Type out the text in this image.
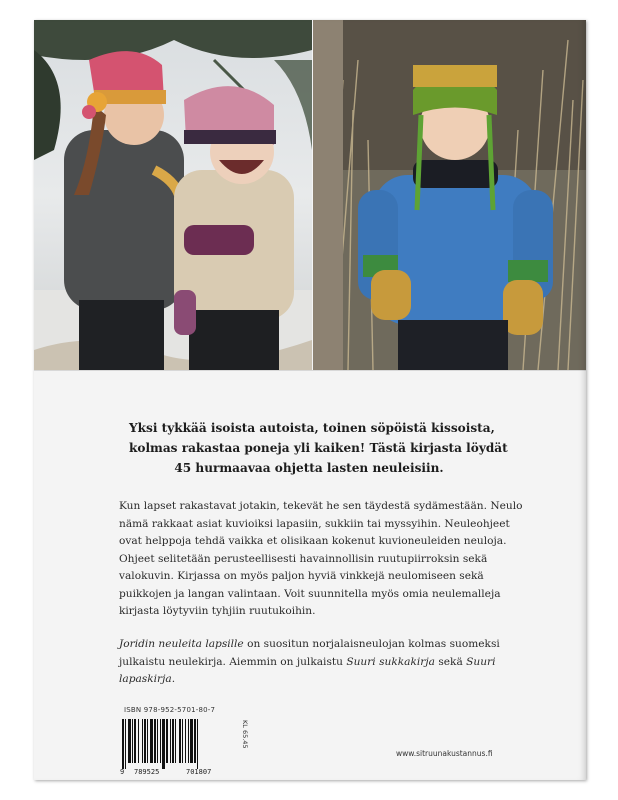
Yksi tykkää isoista autoista, toinen söpöistä kissoista,
kolmas rakastaa poneja yli kaiken! Tästä kirjasta löydät
45 hurmaavaa ohjetta lasten neuleisiin.
Kun lapset rakastavat jotakin, tekevät he sen täydestä sydämestään. Neulo
nämä rakkaat asiat kuvioiksi lapasiin, sukkiin tai myssyihin. Neuleohjeet
ovat helppoja tehdä vaikka et olisikaan kokenut kuvioneuleiden neuloja.
Ohjeet selitetään perusteellisesti havainnollisin ruutupiirroksin sekä
valokuvin. Kirjassa on myös paljon hyviä vinkkejä neulomiseen sekä
puikkojen ja langan valintaan. Voit suunnitella myös omia neulemalleja
kirjasta löytyviin tyhjiin ruutukoihin.
Joridin neuleita lapsille on suositun norjalaisneulojan kolmas suomeksi
julkaistu neulekirja. Aiemmin on julkaistu Suuri sukkakirja sekä Suuri
lapaskirja.
ISBN 978-952-5701-80-7
9 789525	701807
KL 65.45
www.sitruunakustannus.fi
